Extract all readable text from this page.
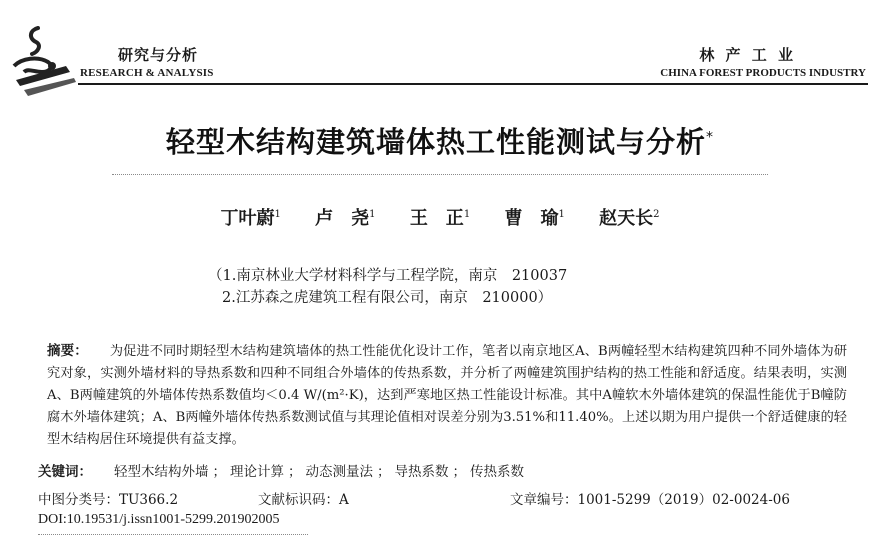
研究与分析
RESEARCH & ANALYSIS
林 产 工 业
CHINA FOREST PRODUCTS INDUSTRY
轻型木结构建筑墙体热工性能测试与分析*
丁叶蔚$^1$ 卢　尧$^1$ 王　正$^1$ 曹　瑜$^1$ 赵天长$^2$
（1.南京林业大学材料科学与工程学院，南京　210037
2.江苏森之虎建筑工程有限公司，南京　210000）
摘要： 为促进不同时期轻型木结构建筑墙体的热工性能优化设计工作，笔者以南京地区A、B两幢轻型木结构建筑四种不同外墙体为研究对象，实测外墙材料的导热系数和四种不同组合外墙体的传热系数，并分析了两幢建筑围护结构的热工性能和舒适度。结果表明，实测A、B两幢建筑的外墙体传热系数值均＜0.4 W/(m²·K)，达到严寒地区热工性能设计标准。其中A幢软木外墙体建筑的保温性能优于B幢防腐木外墙体建筑；A、B两幢外墙体传热系数测试值与其理论值相对误差分别为3.51%和11.40%。上述以期为用户提供一个舒适健康的轻型木结构居住环境提供有益支撑。
关键词： 轻型木结构外墙 ； 理论计算 ； 动态测量法 ； 导热系数 ； 传热系数
中图分类号：TU366.2	文献标识码：A	文章编号：1001-5299（2019）02-0024-06
DOI:10.19531/j.issn1001-5299.201902005
